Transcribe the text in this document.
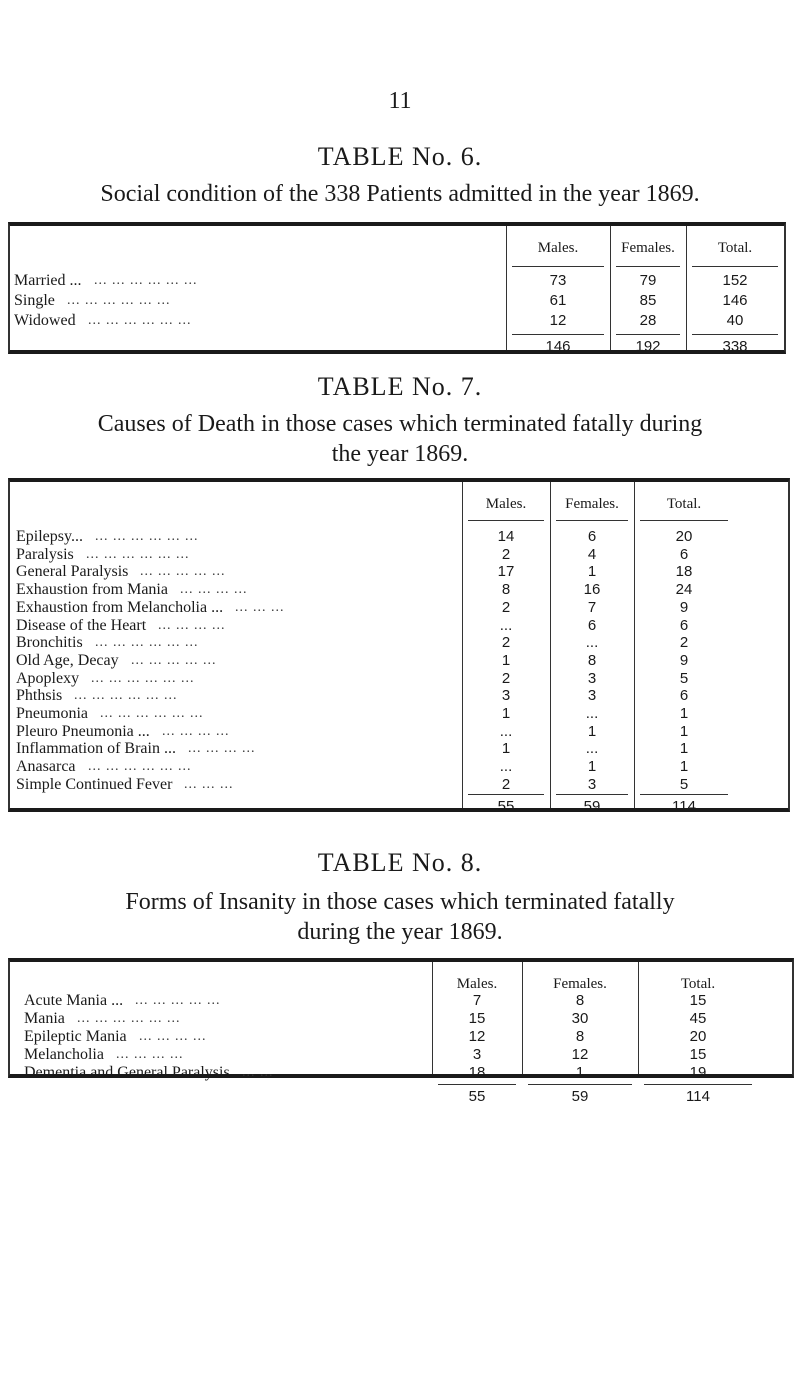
11
TABLE No. 6.
Social condition of the 338 Patients admitted in the year 1869.
Males.	Females.	Total.
Married ... ... ... ... ... ... ...	73	79	152
Single ... ... ... ... ... ...	61	85	146
Widowed ... ... ... ... ... ...	12	28	40
146	192	338
TABLE No. 7.
Causes of Death in those cases which terminated fatally during
the year 1869.
Males.	Females.	Total.
Epilepsy... ... ... ... ... ... ...	14	6	20
Paralysis ... ... ... ... ... ...	2	4	6
General Paralysis ... ... ... ... ...	17	1	18
Exhaustion from Mania ... ... ... ...	8	16	24
Exhaustion from Melancholia ... ... ... ...	2	7	9
Disease of the Heart ... ... ... ...	...	6	6
Bronchitis ... ... ... ... ... ...	2	...	2
Old Age, Decay ... ... ... ... ...	1	8	9
Apoplexy ... ... ... ... ... ...	2	3	5
Phthsis ... ... ... ... ... ...	3	3	6
Pneumonia ... ... ... ... ... ...	1	...	1
Pleuro Pneumonia ... ... ... ... ...	...	1	1
Inflammation of Brain ... ... ... ... ...	1	...	1
Anasarca ... ... ... ... ... ...	...	1	1
Simple Continued Fever ... ... ...	2	3	5
55	59	114
TABLE No. 8.
Forms of Insanity in those cases which terminated fatally
during the year 1869.
Males.	Females.	Total.
Acute Mania ... ... ... ... ... ...	7	8	15
Mania ... ... ... ... ... ...	15	30	45
Epileptic Mania ... ... ... ...	12	8	20
Melancholia ... ... ... ...	3	12	15
Dementia and General Paralysis ... ...	18	1	19
55	59	114
